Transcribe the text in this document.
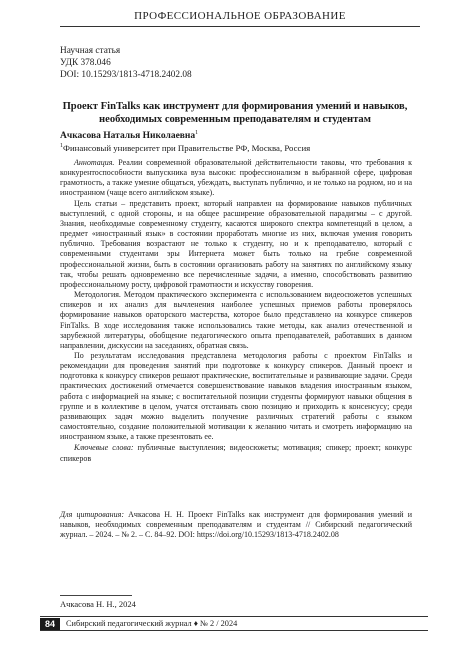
ПРОФЕССИОНАЛЬНОЕ ОБРАЗОВАНИЕ
Научная статья
УДК 378.046
DOI: 10.15293/1813-4718.2402.08
Проект FinTalks как инструмент для формирования умений и навыков, необходимых современным преподавателям и студентам
Ачкасова Наталья Николаевна$^1$
$^1$Финансовый университет при Правительстве РФ, Москва, Россия

Аннотация. Реалии современной образовательной действительности таковы, что требования к конкурентоспособности выпускника вуза высоки: профессионализм в выбранной сфере, цифровая грамотность, а также умение общаться, убеждать, выступать публично, и не только на родном, но и на иностранном (чаще всего английском языке).

Цель статьи – представить проект, который направлен на формирование навыков публичных выступлений, с одной стороны, и на общее расширение образовательной парадигмы – с другой. Знания, необходимые современному студенту, касаются широкого спектра компетенций в целом, а предмет «иностранный язык» в состоянии проработать многие из них, включая умения говорить публично. Требования возрастают не только к студенту, но и к преподавателю, который с современными студентами эры Интернета может быть только на гребне современной профессиональной жизни, быть в состоянии организовать работу на занятиях по английскому языку так, чтобы решать одновременно все перечисленные задачи, а именно, способствовать развитию профессиональному росту, цифровой грамотности и искусству говорения.

Методология. Методом практического эксперимента с использованием видеосюжетов успешных спикеров и их анализ для вычленения наиболее успешных приемов работы проверялось формирование навыков ораторского мастерства, которое было представлено на конкурсе спикеров FinTalks. В ходе исследования также использовались такие методы, как анализ отечественной и зарубежной литературы, обобщение педагогического опыта преподавателей, работавших в данном направлении, дискуссии на заседаниях, обратная связь.

По результатам исследования представлена методология работы с проектом FinTalks и рекомендации для проведения занятий при подготовке к конкурсу спикеров. Данный проект и подготовка к конкурсу спикеров решают практические, воспитательные и развивающие задачи. Среди практических достижений отмечается совершенствование навыков владения иностранным языком, работа с информацией на языке; с воспитательной позиции студенты формируют навыки общения в группе и в коллективе в целом, учатся отстаивать свою позицию и приходить к консенсусу; среди развивающих задач можно выделить получение различных стратегий работы с языком самостоятельно, создание положительной мотивации к желанию читать и смотреть информацию на иностранном языке, а также презентовать ее.

Ключевые слова: публичные выступления; видеосюжеты; мотивация; спикер; проект; конкурс спикеров

Для цитирования: Ачкасова Н. Н. Проект FinTalks как инструмент для формирования умений и навыков, необходимых современным преподавателям и студентам // Сибирский педагогический журнал. – 2024. – № 2. – С. 84–92. DOI: https://doi.org/10.15293/1813-4718.2402.08
Ачкасова Н. Н., 2024
84	Сибирский педагогический журнал ♦ № 2 / 2024
